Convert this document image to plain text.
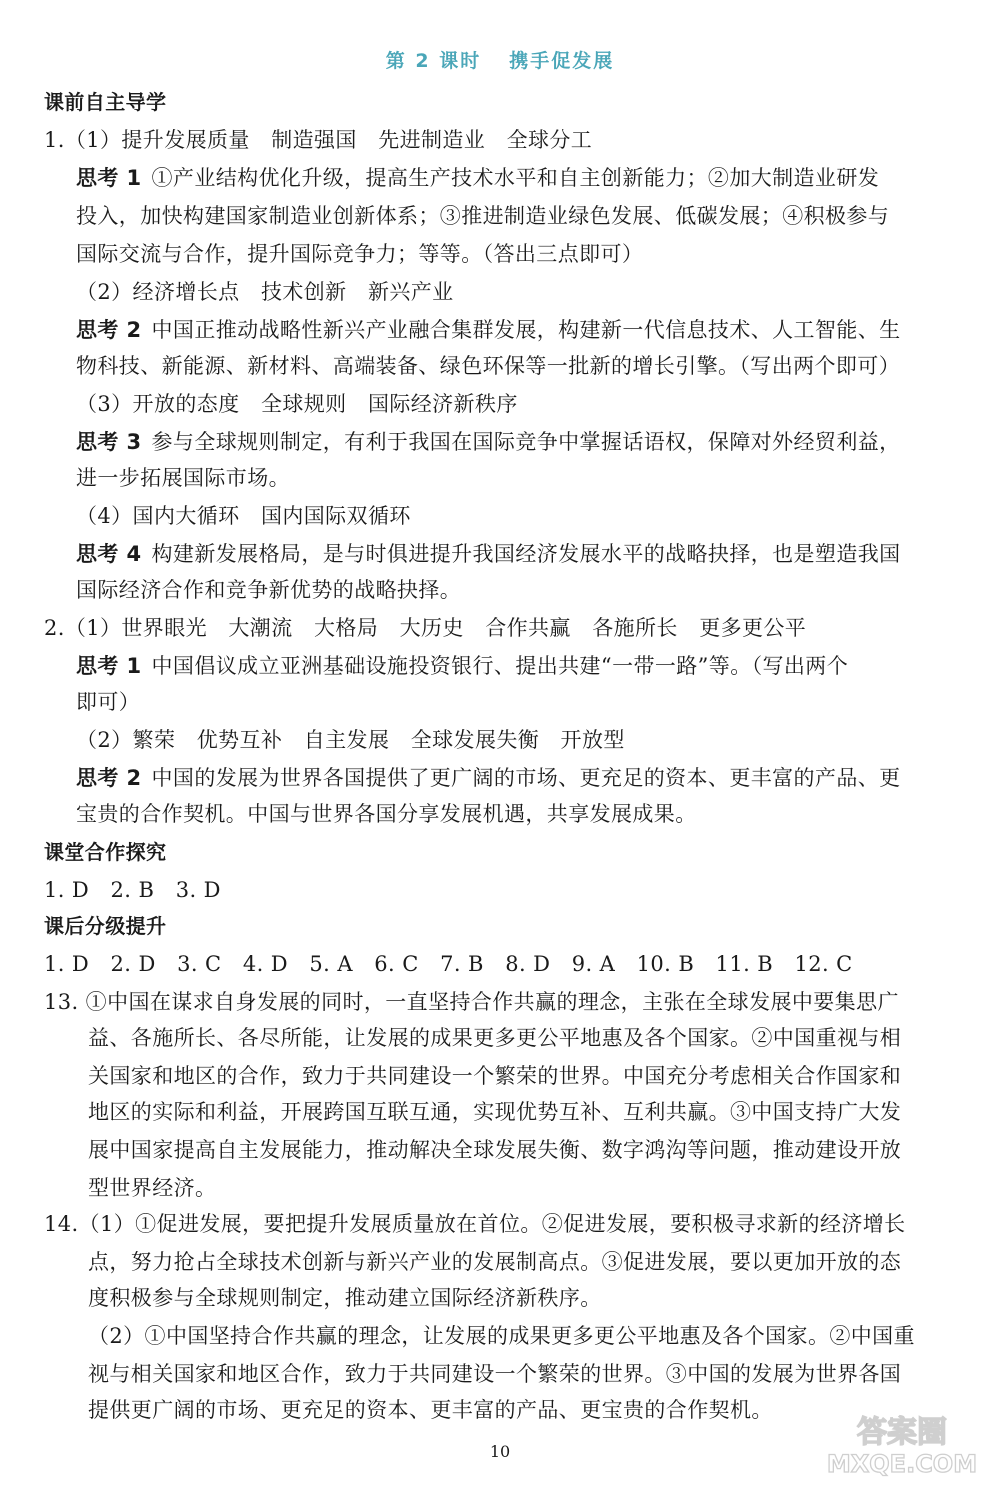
第 2 课时 携手促发展
课前自主导学
1.（1）提升发展质量　制造强国　先进制造业　全球分工
思考 1 ①产业结构优化升级，提高生产技术水平和自主创新能力；②加大制造业研发
投入，加快构建国家制造业创新体系；③推进制造业绿色发展、低碳发展；④积极参与
国际交流与合作，提升国际竞争力；等等。（答出三点即可）
（2）经济增长点　技术创新　新兴产业
思考 2 中国正推动战略性新兴产业融合集群发展，构建新一代信息技术、人工智能、生
物科技、新能源、新材料、高端装备、绿色环保等一批新的增长引擎。（写出两个即可）
（3）开放的态度　全球规则　国际经济新秩序
思考 3 参与全球规则制定，有利于我国在国际竞争中掌握话语权，保障对外经贸利益，
进一步拓展国际市场。
（4）国内大循环　国内国际双循环
思考 4 构建新发展格局，是与时俱进提升我国经济发展水平的战略抉择，也是塑造我国
国际经济合作和竞争新优势的战略抉择。
2.（1）世界眼光　大潮流　大格局　大历史　合作共赢　各施所长　更多更公平
思考 1 中国倡议成立亚洲基础设施投资银行、提出共建“一带一路”等。（写出两个
即可）
（2）繁荣　优势互补　自主发展　全球发展失衡　开放型
思考 2 中国的发展为世界各国提供了更广阔的市场、更充足的资本、更丰富的产品、更
宝贵的合作契机。中国与世界各国分享发展机遇，共享发展成果。
课堂合作探究
1. D　2. B　3. D
课后分级提升
1. D　2. D　3. C　4. D　5. A　6. C　7. B　8. D　9. A　10. B　11. B　12. C
13. ①中国在谋求自身发展的同时，一直坚持合作共赢的理念，主张在全球发展中要集思广
益、各施所长、各尽所能，让发展的成果更多更公平地惠及各个国家。②中国重视与相
关国家和地区的合作，致力于共同建设一个繁荣的世界。中国充分考虑相关合作国家和
地区的实际和利益，开展跨国互联互通，实现优势互补、互利共赢。③中国支持广大发
展中国家提高自主发展能力，推动解决全球发展失衡、数字鸿沟等问题，推动建设开放
型世界经济。
14.（1）①促进发展，要把提升发展质量放在首位。②促进发展，要积极寻求新的经济增长
点，努力抢占全球技术创新与新兴产业的发展制高点。③促进发展，要以更加开放的态
度积极参与全球规则制定，推动建立国际经济新秩序。
（2）①中国坚持合作共赢的理念，让发展的成果更多更公平地惠及各个国家。②中国重
视与相关国家和地区合作，致力于共同建设一个繁荣的世界。③中国的发展为世界各国
提供更广阔的市场、更充足的资本、更丰富的产品、更宝贵的合作契机。
10
答案圈
MXQE.COM
